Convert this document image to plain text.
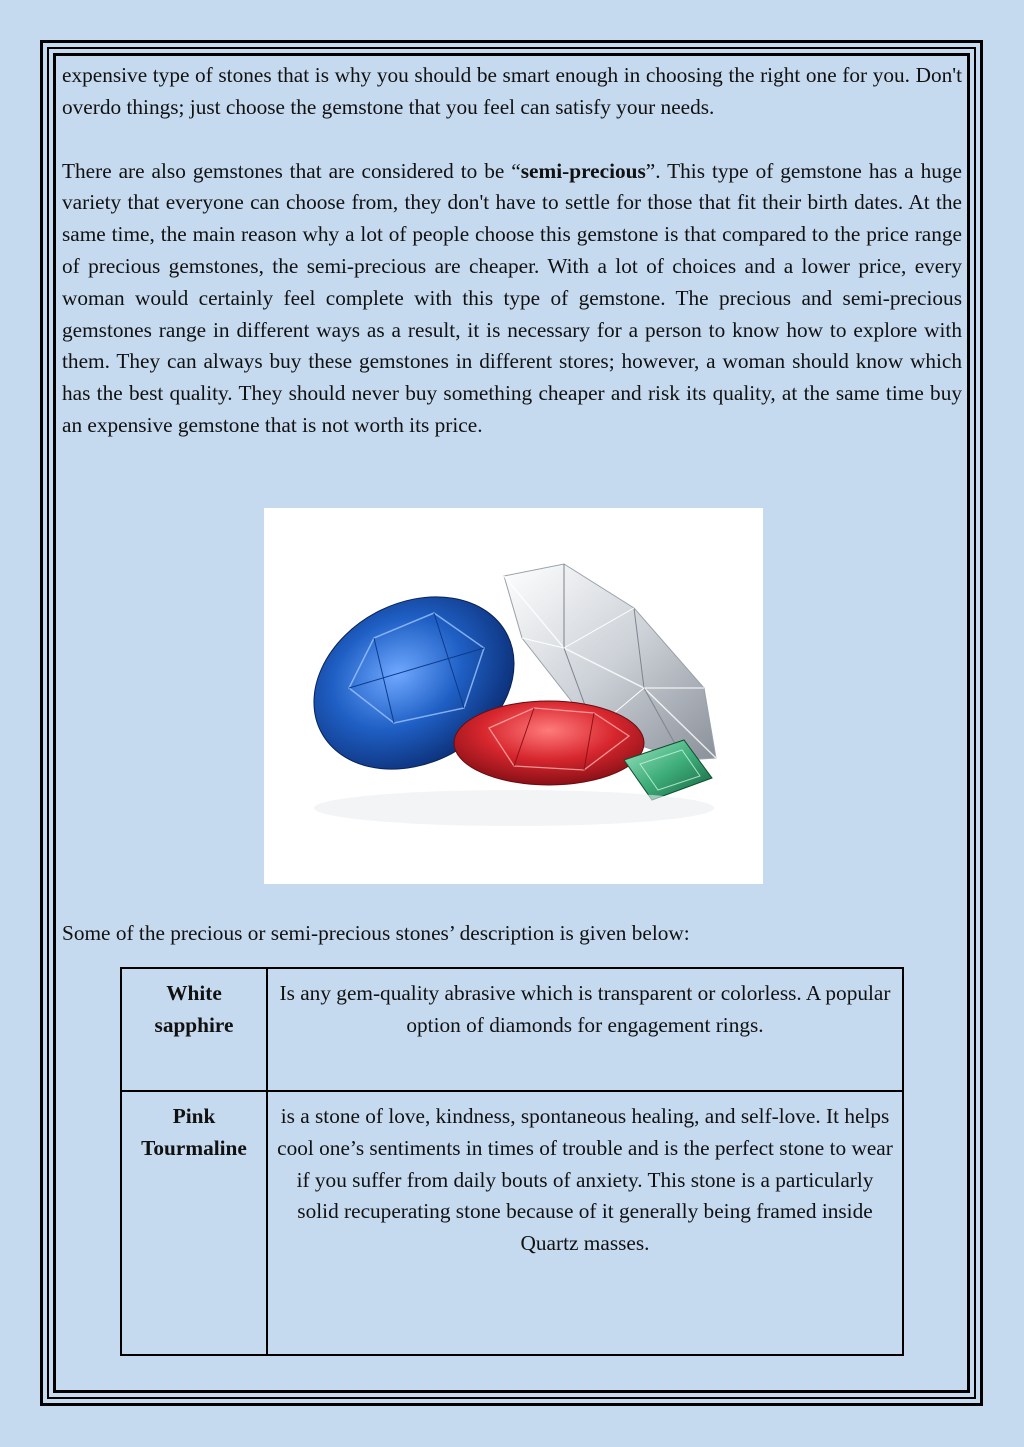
expensive type of stones that is why you should be smart enough in choosing the right one for you. Don't overdo things; just choose the gemstone that you feel can satisfy your needs.

There are also gemstones that are considered to be “semi-precious”. This type of gemstone has a huge variety that everyone can choose from, they don't have to settle for those that fit their birth dates. At the same time, the main reason why a lot of people choose this gemstone is that compared to the price range of precious gemstones, the semi-precious are cheaper. With a lot of choices and a lower price, every woman would certainly feel complete with this type of gemstone. The precious and semi-precious gemstones range in different ways as a result, it is necessary for a person to know how to explore with them. They can always buy these gemstones in different stores; however, a woman should know which has the best quality. They should never buy something cheaper and risk its quality, at the same time buy an expensive gemstone that is not worth its price.

Some of the precious or semi-precious stones’ description is given below:

White sapphire	Is any gem-quality abrasive which is transparent or colorless. A popular option of diamonds for engagement rings.
Pink Tourmaline	is a stone of love, kindness, spontaneous healing, and self-love. It helps cool one’s sentiments in times of trouble and is the perfect stone to wear if you suffer from daily bouts of anxiety. This stone is a particularly solid recuperating stone because of it generally being framed inside Quartz masses.
